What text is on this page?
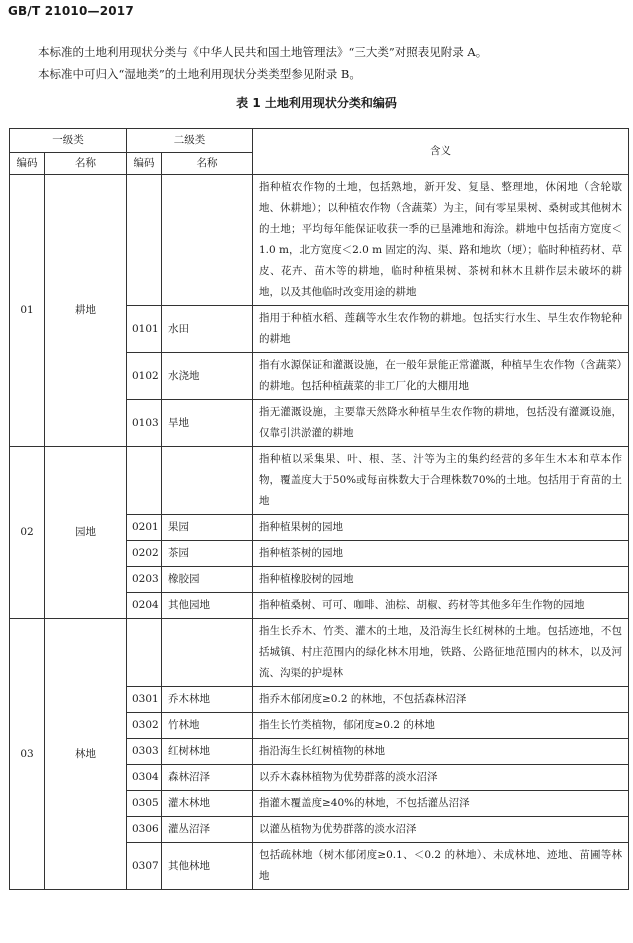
GB/T 21010—2017
本标准的土地利用现状分类与《中华人民共和国土地管理法》“三大类”对照表见附录 A。
本标准中可归入“湿地类”的土地利用现状分类类型参见附录 B。
表 1 土地利用现状分类和编码
一级类		二级类		含义
编码	名称	编码	名称	
01	耕地			指种植农作物的土地，包括熟地，新开发、复垦、整理地，休闲地（含轮歇地、休耕地）；以种植农作物（含蔬菜）为主，间有零星果树、桑树或其他树木的土地；平均每年能保证收获一季的已垦滩地和海涂。耕地中包括南方宽度＜1.0 m，北方宽度＜2.0 m 固定的沟、渠、路和地坎（埂）；临时种植药材、草皮、花卉、苗木等的耕地，临时种植果树、茶树和林木且耕作层未破坏的耕地，以及其他临时改变用途的耕地
		0101	水田	指用于种植水稻、莲藕等水生农作物的耕地。包括实行水生、旱生农作物轮种的耕地
		0102	水浇地	指有水源保证和灌溉设施，在一般年景能正常灌溉，种植旱生农作物（含蔬菜）的耕地。包括种植蔬菜的非工厂化的大棚用地
		0103	旱地	指无灌溉设施，主要靠天然降水种植旱生农作物的耕地，包括没有灌溉设施，仅靠引洪淤灌的耕地
02	园地			指种植以采集果、叶、根、茎、汁等为主的集约经营的多年生木本和草本作物，覆盖度大于50%或每亩株数大于合理株数70%的土地。包括用于育苗的土地
		0201	果园	指种植果树的园地
		0202	茶园	指种植茶树的园地
		0203	橡胶园	指种植橡胶树的园地
		0204	其他园地	指种植桑树、可可、咖啡、油棕、胡椒、药材等其他多年生作物的园地
03	林地			指生长乔木、竹类、灌木的土地，及沿海生长红树林的土地。包括迹地，不包括城镇、村庄范围内的绿化林木用地，铁路、公路征地范围内的林木，以及河流、沟渠的护堤林
		0301	乔木林地	指乔木郁闭度≥0.2 的林地，不包括森林沼泽
		0302	竹林地	指生长竹类植物，郁闭度≥0.2 的林地
		0303	红树林地	指沿海生长红树植物的林地
		0304	森林沼泽	以乔木森林植物为优势群落的淡水沼泽
		0305	灌木林地	指灌木覆盖度≥40%的林地，不包括灌丛沼泽
		0306	灌丛沼泽	以灌丛植物为优势群落的淡水沼泽
		0307	其他林地	包括疏林地（树木郁闭度≥0.1、＜0.2 的林地）、未成林地、迹地、苗圃等林地
